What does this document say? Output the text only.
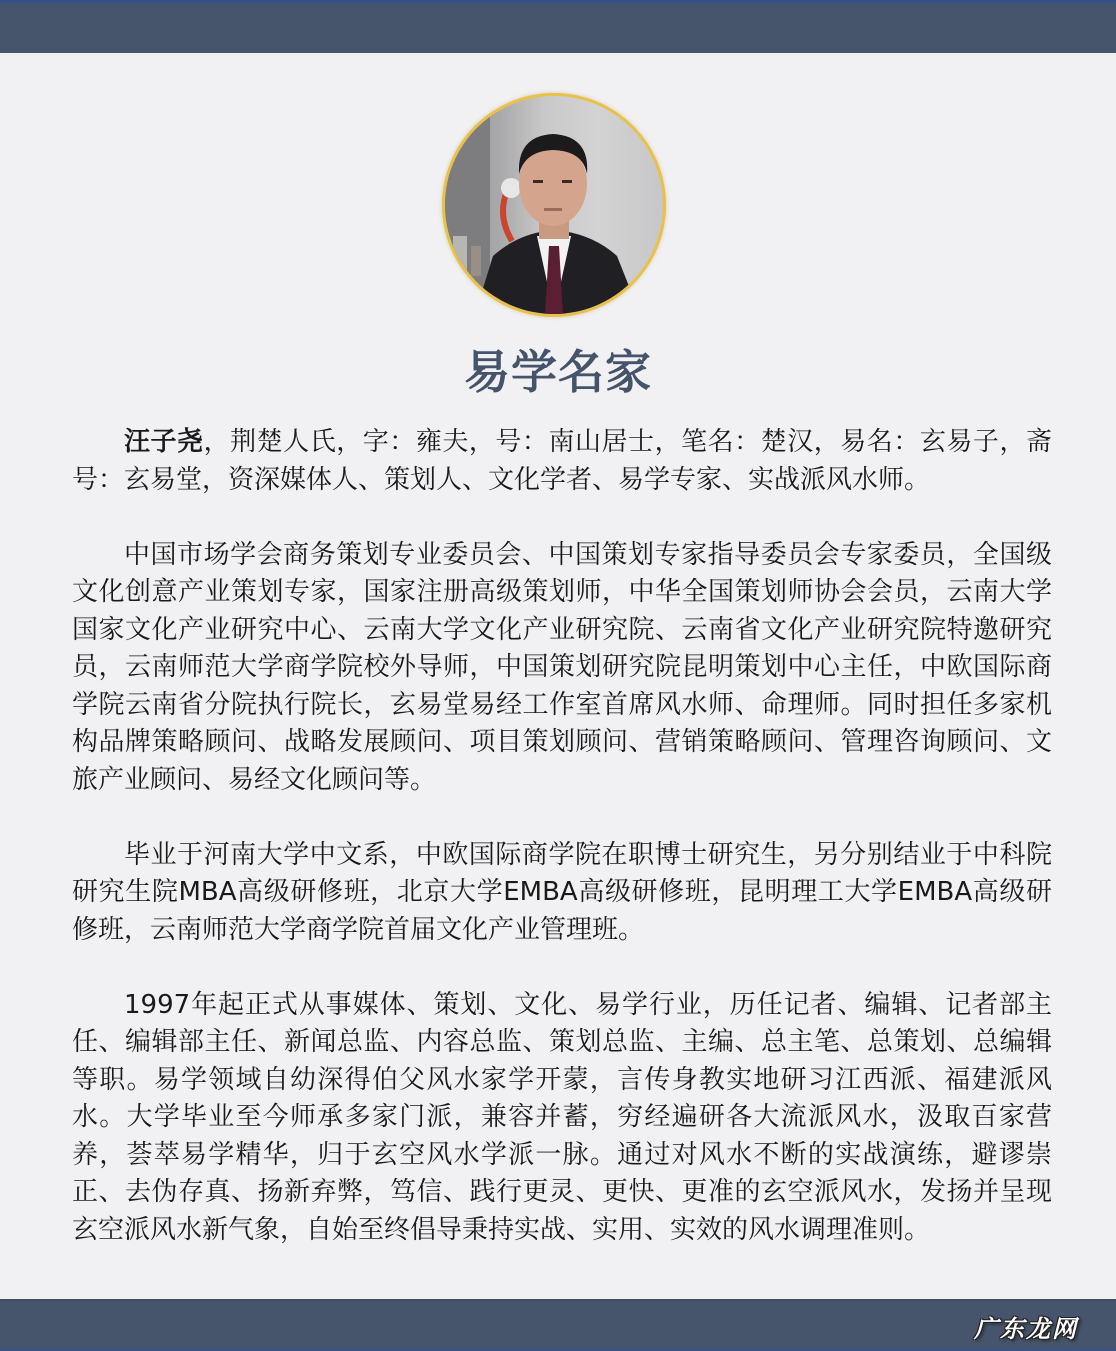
易学名家

汪子尧，荆楚人氏，字：雍夫，号：南山居士，笔名：楚汉，易名：玄易子，斋号：玄易堂，资深媒体人、策划人、文化学者、易学专家、实战派风水师。

中国市场学会商务策划专业委员会、中国策划专家指导委员会专家委员，全国级文化创意产业策划专家，国家注册高级策划师，中华全国策划师协会会员，云南大学国家文化产业研究中心、云南大学文化产业研究院、云南省文化产业研究院特邀研究员，云南师范大学商学院校外导师，中国策划研究院昆明策划中心主任，中欧国际商学院云南省分院执行院长，玄易堂易经工作室首席风水师、命理师。同时担任多家机构品牌策略顾问、战略发展顾问、项目策划顾问、营销策略顾问、管理咨询顾问、文旅产业顾问、易经文化顾问等。

毕业于河南大学中文系，中欧国际商学院在职博士研究生，另分别结业于中科院研究生院MBA高级研修班，北京大学EMBA高级研修班，昆明理工大学EMBA高级研修班，云南师范大学商学院首届文化产业管理班。

1997年起正式从事媒体、策划、文化、易学行业，历任记者、编辑、记者部主任、编辑部主任、新闻总监、内容总监、策划总监、主编、总主笔、总策划、总编辑等职。易学领域自幼深得伯父风水家学开蒙，言传身教实地研习江西派、福建派风水。大学毕业至今师承多家门派，兼容并蓄，穷经遍研各大流派风水，汲取百家营养，荟萃易学精华，归于玄空风水学派一脉。通过对风水不断的实战演练，避谬崇正、去伪存真、扬新弃弊，笃信、践行更灵、更快、更准的玄空派风水，发扬并呈现玄空派风水新气象，自始至终倡导秉持实战、实用、实效的风水调理准则。

广东龙网
